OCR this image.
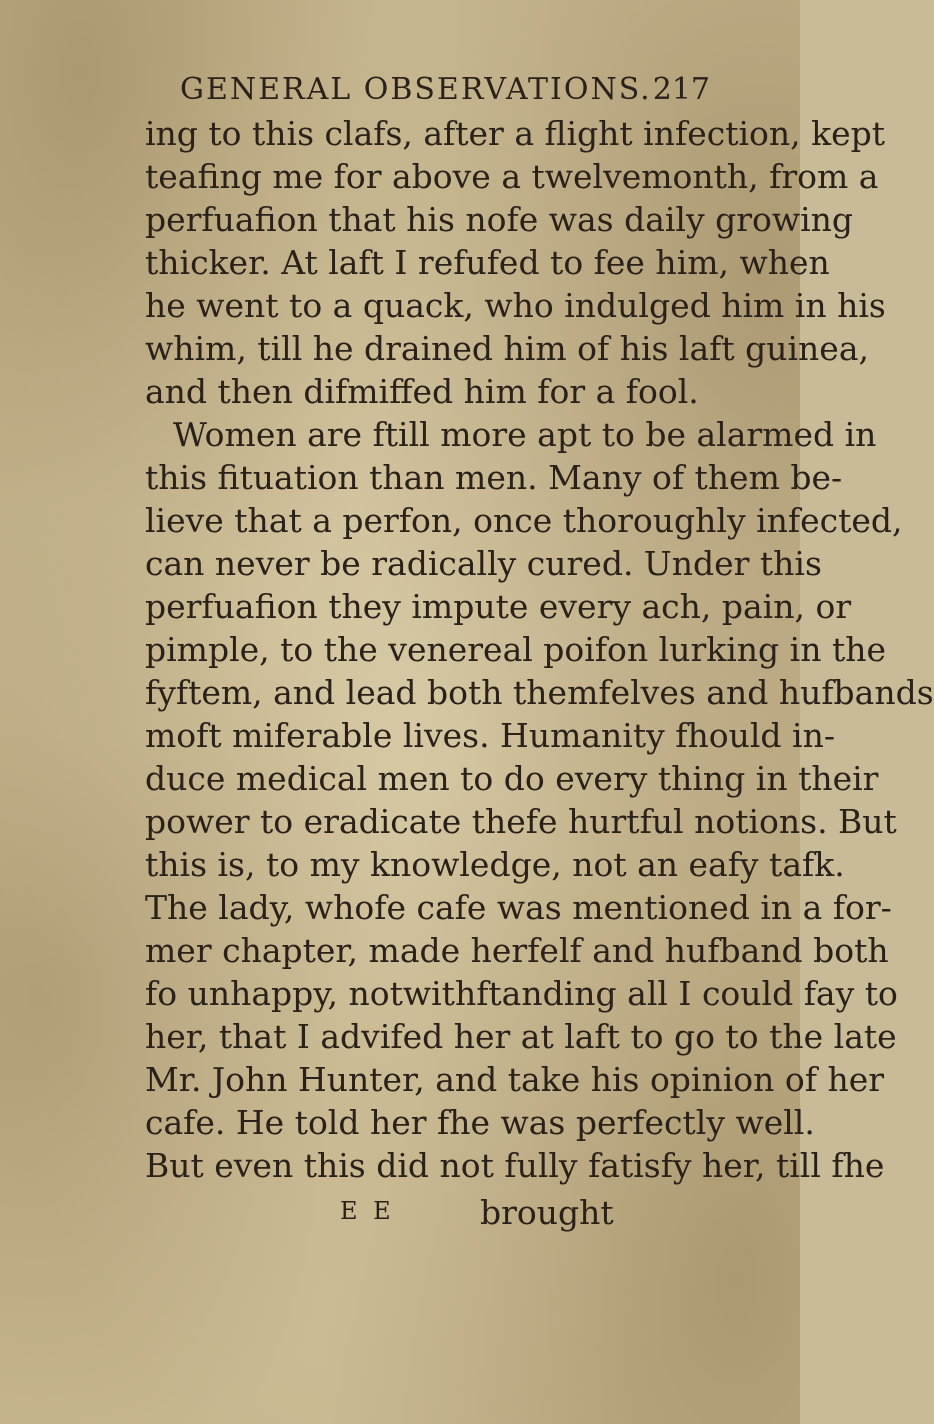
GENERAL OBSERVATIONS. 217
ing to this clafs, after a flight infection, kept
teafing me for above a twelvemonth, from a
perfuafion that his nofe was daily growing
thicker. At laft I refufed to fee him, when
he went to a quack, who indulged him in his
whim, till he drained him of his laft guinea,
and then difmiffed him for a fool.
Women are ftill more apt to be alarmed in
this fituation than men. Many of them be-
lieve that a perfon, once thoroughly infected,
can never be radically cured. Under this
perfuafion they impute every ach, pain, or
pimple, to the venereal poifon lurking in the
fyftem, and lead both themfelves and hufbands
moft miferable lives. Humanity fhould in-
duce medical men to do every thing in their
power to eradicate thefe hurtful notions. But
this is, to my knowledge, not an eafy tafk.
The lady, whofe cafe was mentioned in a for-
mer chapter, made herfelf and hufband both
fo unhappy, notwithftanding all I could fay to
her, that I advifed her at laft to go to the late
Mr. John Hunter, and take his opinion of her
cafe. He told her fhe was perfectly well.
But even this did not fully fatisfy her, till fhe
E E	brought
